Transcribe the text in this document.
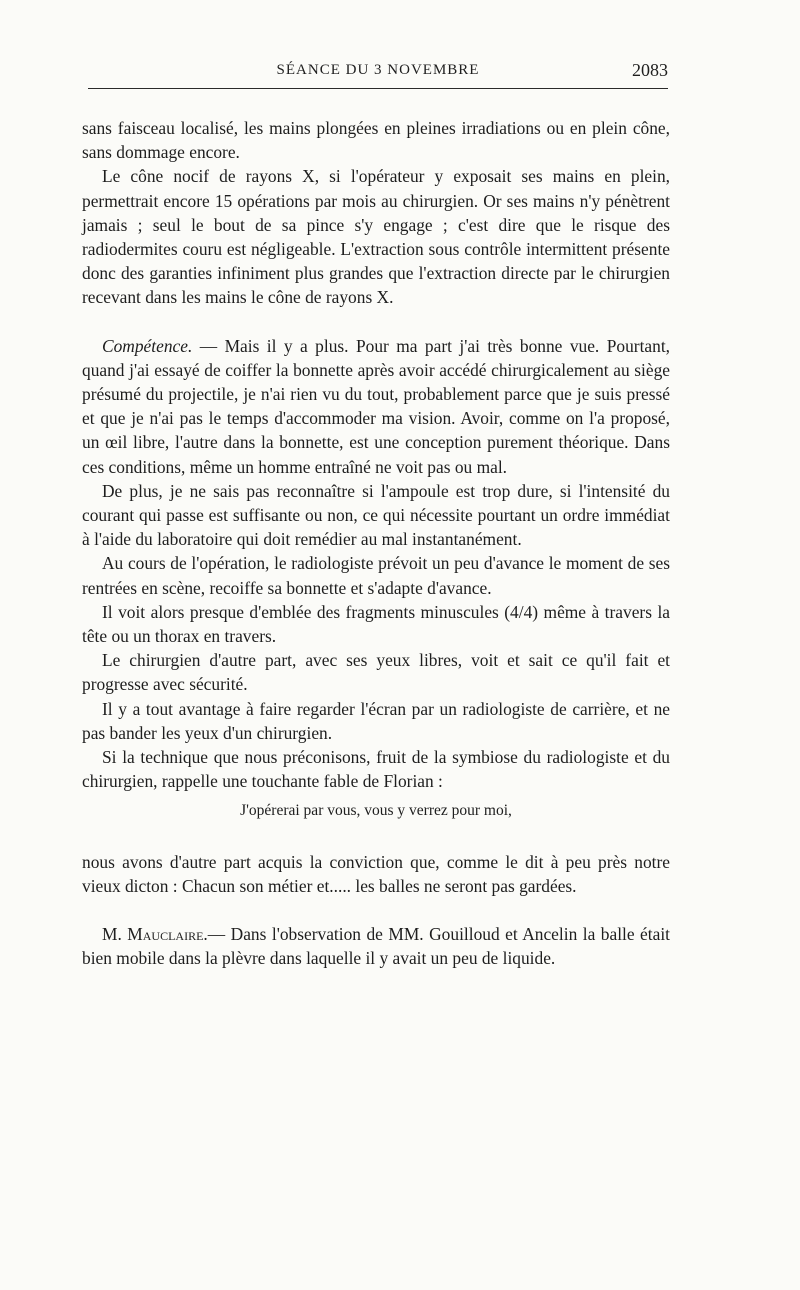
SÉANCE DU 3 NOVEMBRE	2083

sans faisceau localisé, les mains plongées en pleines irradiations ou en plein cône, sans dommage encore.

Le cône nocif de rayons X, si l'opérateur y exposait ses mains en plein, permettrait encore 15 opérations par mois au chirurgien. Or ses mains n'y pénètrent jamais ; seul le bout de sa pince s'y engage ; c'est dire que le risque des radiodermites couru est négligeable. L'extraction sous contrôle intermittent présente donc des garanties infiniment plus grandes que l'extraction directe par le chirurgien recevant dans les mains le cône de rayons X.

Compétence. — Mais il y a plus. Pour ma part j'ai très bonne vue. Pourtant, quand j'ai essayé de coiffer la bonnette après avoir accédé chirurgicalement au siège présumé du projectile, je n'ai rien vu du tout, probablement parce que je suis pressé et que je n'ai pas le temps d'accommoder ma vision. Avoir, comme on l'a proposé, un œil libre, l'autre dans la bonnette, est une conception purement théorique. Dans ces conditions, même un homme entraîné ne voit pas ou mal.

De plus, je ne sais pas reconnaître si l'ampoule est trop dure, si l'intensité du courant qui passe est suffisante ou non, ce qui nécessite pourtant un ordre immédiat à l'aide du laboratoire qui doit remédier au mal instantanément.

Au cours de l'opération, le radiologiste prévoit un peu d'avance le moment de ses rentrées en scène, recoiffe sa bonnette et s'adapte d'avance.

Il voit alors presque d'emblée des fragments minuscules (4/4) même à travers la tête ou un thorax en travers.

Le chirurgien d'autre part, avec ses yeux libres, voit et sait ce qu'il fait et progresse avec sécurité.

Il y a tout avantage à faire regarder l'écran par un radiologiste de carrière, et ne pas bander les yeux d'un chirurgien.

Si la technique que nous préconisons, fruit de la symbiose du radiologiste et du chirurgien, rappelle une touchante fable de Florian :

J'opérerai par vous, vous y verrez pour moi,

nous avons d'autre part acquis la conviction que, comme le dit à peu près notre vieux dicton : Chacun son métier et..... les balles ne seront pas gardées.

M. Mauclaire.— Dans l'observation de MM. Gouilloud et Ancelin la balle était bien mobile dans la plèvre dans laquelle il y avait un peu de liquide.
